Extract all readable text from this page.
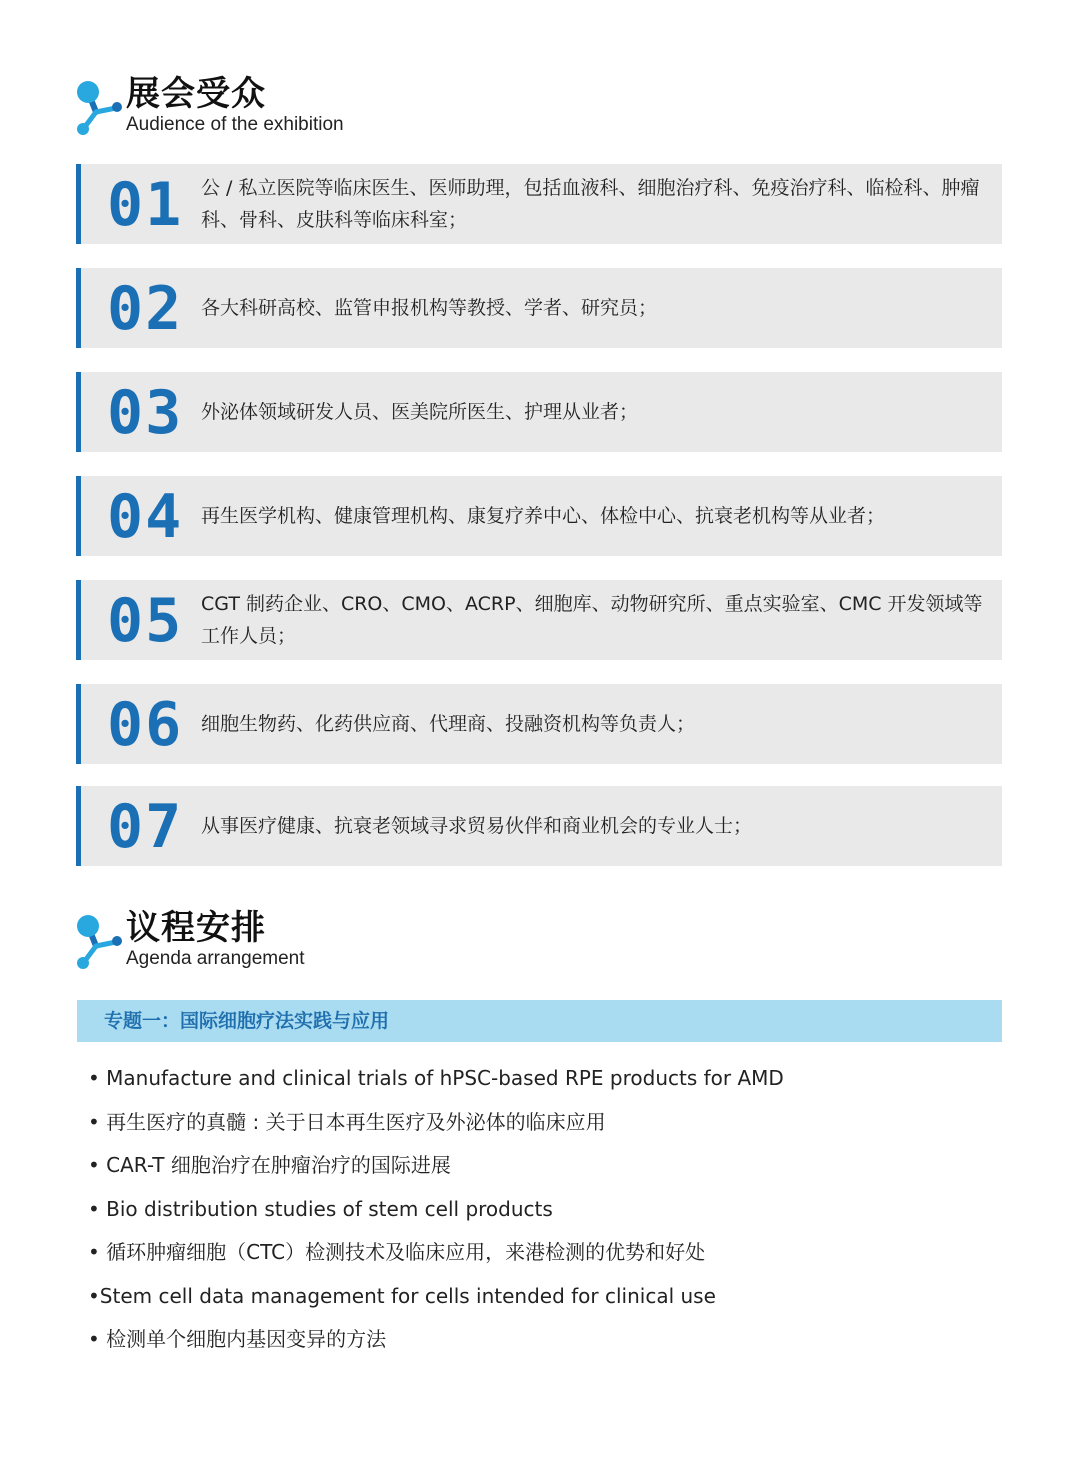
展会受众
Audience of the exhibition
01 公 / 私立医院等临床医生、医师助理，包括血液科、细胞治疗科、免疫治疗科、临检科、肿瘤科、骨科、皮肤科等临床科室；
02 各大科研高校、监管申报机构等教授、学者、研究员；
03 外泌体领域研发人员、医美院所医生、护理从业者；
04 再生医学机构、健康管理机构、康复疗养中心、体检中心、抗衰老机构等从业者；
05 CGT 制药企业、CRO、CMO、ACRP、细胞库、动物研究所、重点实验室、CMC 开发领域等工作人员；
06 细胞生物药、化药供应商、代理商、投融资机构等负责人；
07 从事医疗健康、抗衰老领域寻求贸易伙伴和商业机会的专业人士；
议程安排
Agenda arrangement
专题一：国际细胞疗法实践与应用
• Manufacture and clinical trials of hPSC-based RPE products for AMD
• 再生医疗的真髓 : 关于日本再生医疗及外泌体的临床应用
• CAR-T 细胞治疗在肿瘤治疗的国际进展
• Bio distribution studies of stem cell products
• 循环肿瘤细胞（CTC）检测技术及临床应用，来港检测的优势和好处
•Stem cell data management for cells intended for clinical use
• 检测单个细胞内基因变异的方法
